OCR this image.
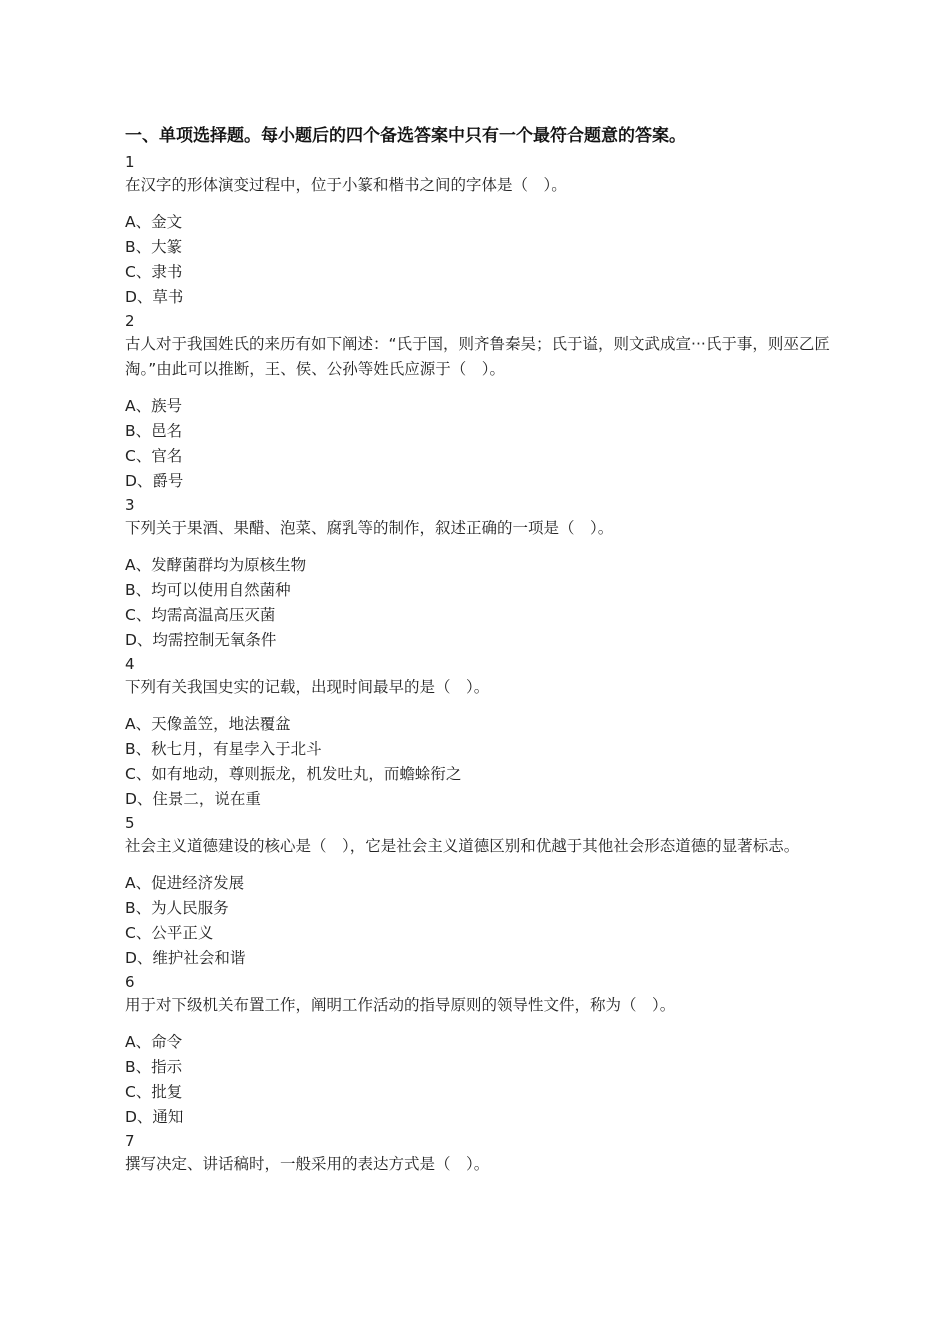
一、单项选择题。每小题后的四个备选答案中只有一个最符合题意的答案。
1
在汉字的形体演变过程中，位于小篆和楷书之间的字体是（　）。
A、金文
B、大篆
C、隶书
D、草书
2
古人对于我国姓氏的来历有如下阐述：“氏于国，则齐鲁秦吴；氏于谥，则文武成宣···氏于事，则巫乙匠淘。”由此可以推断，王、侯、公孙等姓氏应源于（　）。
A、族号
B、邑名
C、官名
D、爵号
3
下列关于果酒、果醋、泡菜、腐乳等的制作，叙述正确的一项是（　）。
A、发酵菌群均为原核生物
B、均可以使用自然菌种
C、均需高温高压灭菌
D、均需控制无氧条件
4
下列有关我国史实的记载，出现时间最早的是（　）。
A、天像盖笠，地法覆盆
B、秋七月，有星孛入于北斗
C、如有地动，尊则振龙，机发吐丸，而蟾蜍衔之
D、住景二，说在重
5
社会主义道德建设的核心是（　），它是社会主义道德区别和优越于其他社会形态道德的显著标志。
A、促进经济发展
B、为人民服务
C、公平正义
D、维护社会和谐
6
用于对下级机关布置工作，阐明工作活动的指导原则的领导性文件，称为（　）。
A、命令
B、指示
C、批复
D、通知
7
撰写决定、讲话稿时，一般采用的表达方式是（　）。
